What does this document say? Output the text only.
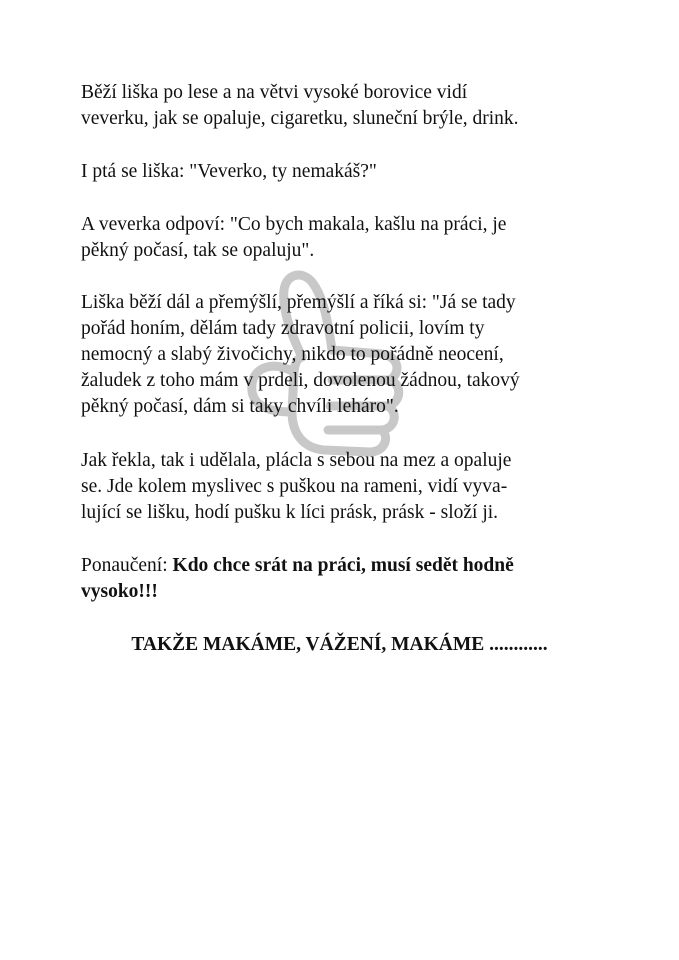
Běží liška po lese a na větvi vysoké borovice vidí
veverku, jak se opaluje, cigaretku, sluneční brýle, drink.

I ptá se liška: "Veverko, ty nemakáš?"

A veverka odpoví: "Co bych makala, kašlu na práci, je
pěkný počasí, tak se opaluju".

Liška běží dál a přemýšlí, přemýšlí a říká si: "Já se tady
pořád honím, dělám tady zdravotní policii, lovím ty
nemocný a slabý živočichy, nikdo to pořádně neocení,
žaludek z toho mám v prdeli, dovolenou žádnou, takový
pěkný počasí, dám si taky chvíli leháro".

Jak řekla, tak i udělala, plácla s sebou na mez a opaluje
se. Jde kolem myslivec s puškou na rameni, vidí vyva-
lující se lišku, hodí pušku k líci prásk, prásk - složí ji.

Ponaučení: Kdo chce srát na práci, musí sedět hodně
vysoko!!!

TAKŽE MAKÁME, VÁŽENÍ, MAKÁME ............
